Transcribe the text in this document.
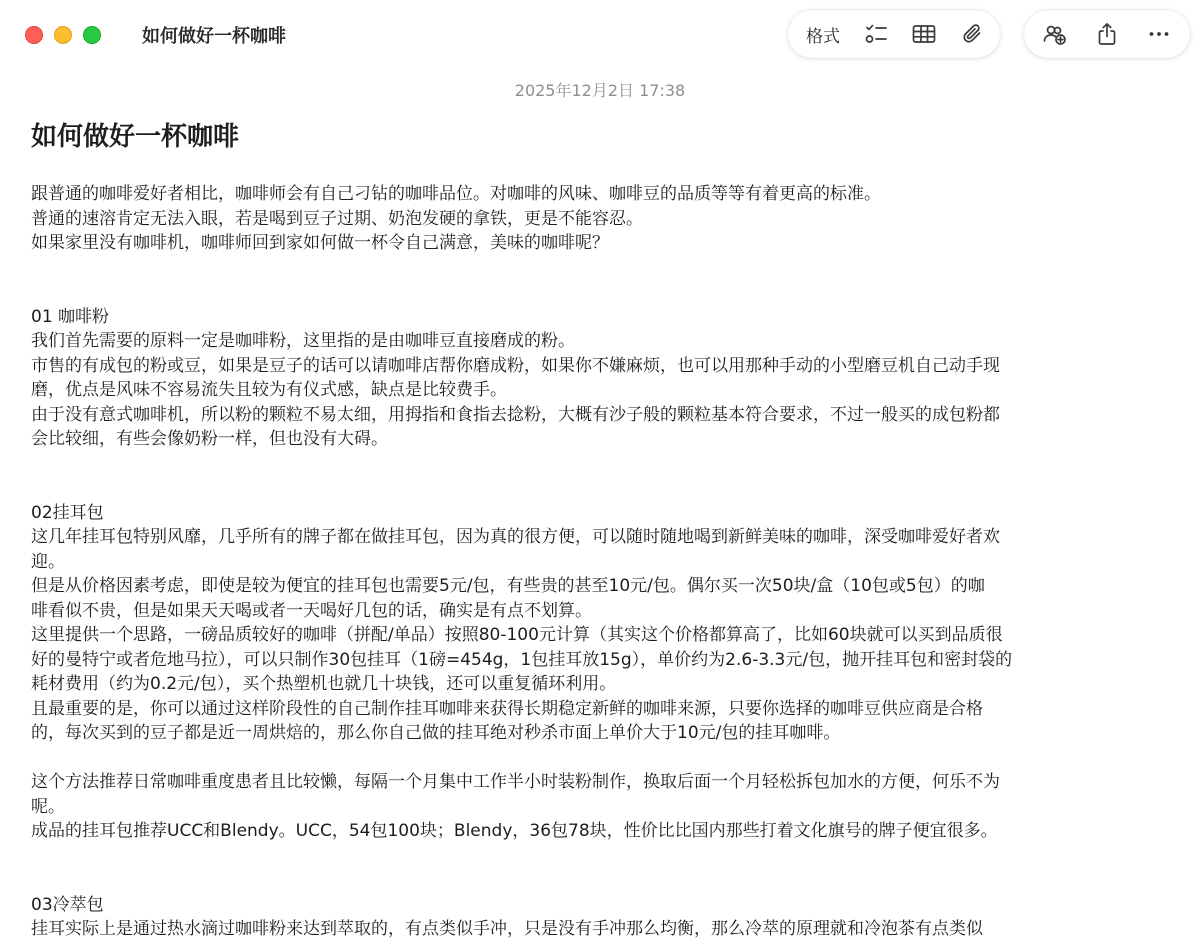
如何做好一杯咖啡	格式
2025年12月2日 17:38
如何做好一杯咖啡
跟普通的咖啡爱好者相比，咖啡师会有自己刁钻的咖啡品位。对咖啡的风味、咖啡豆的品质等等有着更高的标准。
普通的速溶肯定无法入眼，若是喝到豆子过期、奶泡发硬的拿铁，更是不能容忍。
如果家里没有咖啡机，咖啡师回到家如何做一杯令自己满意，美味的咖啡呢？
01 咖啡粉
我们首先需要的原料一定是咖啡粉，这里指的是由咖啡豆直接磨成的粉。
市售的有成包的粉或豆，如果是豆子的话可以请咖啡店帮你磨成粉，如果你不嫌麻烦，也可以用那种手动的小型磨豆机自己动手现
磨，优点是风味不容易流失且较为有仪式感，缺点是比较费手。
由于没有意式咖啡机，所以粉的颗粒不易太细，用拇指和食指去捻粉，大概有沙子般的颗粒基本符合要求，不过一般买的成包粉都
会比较细，有些会像奶粉一样，但也没有大碍。
02挂耳包
这几年挂耳包特别风靡，几乎所有的牌子都在做挂耳包，因为真的很方便，可以随时随地喝到新鲜美味的咖啡，深受咖啡爱好者欢
迎。
但是从价格因素考虑，即使是较为便宜的挂耳包也需要5元/包，有些贵的甚至10元/包。偶尔买一次50块/盒（10包或5包）的咖
啡看似不贵，但是如果天天喝或者一天喝好几包的话，确实是有点不划算。
这里提供一个思路，一磅品质较好的咖啡（拼配/单品）按照80-100元计算（其实这个价格都算高了，比如60块就可以买到品质很
好的曼特宁或者危地马拉），可以只制作30包挂耳（1磅=454g，1包挂耳放15g），单价约为2.6-3.3元/包，抛开挂耳包和密封袋的
耗材费用（约为0.2元/包），买个热塑机也就几十块钱，还可以重复循环利用。
且最重要的是，你可以通过这样阶段性的自己制作挂耳咖啡来获得长期稳定新鲜的咖啡来源，只要你选择的咖啡豆供应商是合格
的，每次买到的豆子都是近一周烘焙的，那么你自己做的挂耳绝对秒杀市面上单价大于10元/包的挂耳咖啡。
这个方法推荐日常咖啡重度患者且比较懒，每隔一个月集中工作半小时装粉制作，换取后面一个月轻松拆包加水的方便，何乐不为
呢。
成品的挂耳包推荐UCC和Blendy。UCC，54包100块；Blendy，36包78块，性价比比国内那些打着文化旗号的牌子便宜很多。
03冷萃包
挂耳实际上是通过热水滴过咖啡粉来达到萃取的，有点类似手冲，只是没有手冲那么均衡，那么冷萃的原理就和冷泡茶有点类似
